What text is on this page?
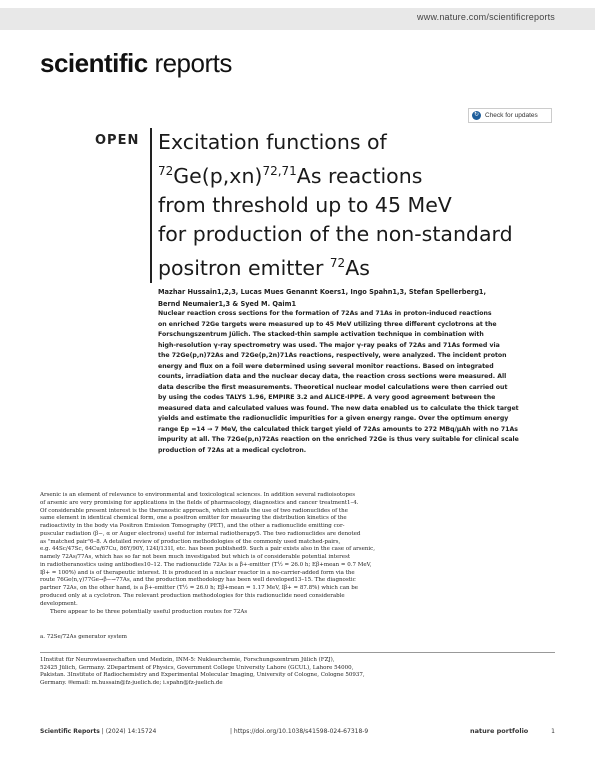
www.nature.com/scientificreports
scientific reports
↻ Check for updates
OPEN Excitation functions of
$^{72}Ge(p,xn)^{72,71}As$ reactions
from threshold up to 45 MeV
for production of the non-standard
positron emitter $^{72}$As
Mazhar Hussain1,2,3, Lucas Mues Genannt Koers1, Ingo Spahn1,3, Stefan Spellerberg1,
Bernd Neumaier1,3 & Syed M. Qaim1
Nuclear reaction cross sections for the formation of 72As and 71As in proton-induced reactions
on enriched 72Ge targets were measured up to 45 MeV utilizing three different cyclotrons at the
Forschungszentrum Jülich. The stacked-thin sample activation technique in combination with
high-resolution γ-ray spectrometry was used. The major γ-ray peaks of 72As and 71As formed via
the 72Ge(p,n)72As and 72Ge(p,2n)71As reactions, respectively, were analyzed. The incident proton
energy and flux on a foil were determined using several monitor reactions. Based on integrated
counts, irradiation data and the nuclear decay data, the reaction cross sections were measured. All
data describe the first measurements. Theoretical nuclear model calculations were then carried out
by using the codes TALYS 1.96, EMPIRE 3.2 and ALICE-IPPE. A very good agreement between the
measured data and calculated values was found. The new data enabled us to calculate the thick target
yields and estimate the radionuclidic impurities for a given energy range. Over the optimum energy
range Ep =14 → 7 MeV, the calculated thick target yield of 72As amounts to 272 MBq/µAh with no 71As
impurity at all. The 72Ge(p,n)72As reaction on the enriched 72Ge is thus very suitable for clinical scale
production of 72As at a medical cyclotron.
Arsenic is an element of relevance to environmental and toxicological sciences. In addition several radioisotopes
of arsenic are very promising for applications in the fields of pharmacology, diagnostics and cancer treatment1–4.
Of considerable present interest is the theranostic approach, which entails the use of two radionuclides of the
same element in identical chemical form, one a positron emitter for measuring the distribution kinetics of the
radioactivity in the body via Positron Emission Tomography (PET), and the other a radionuclide emitting cor-
puscular radiation (β−, α or Auger electrons) useful for internal radiotherapy5. The two radionuclides are denoted
as "matched pair"6–8. A detailed review of production methodologies of the commonly used matched-pairs,
e.g. 44Sc/47Sc, 64Cu/67Cu, 86Y/90Y, 124I/131I, etc. has been published9. Such a pair exists also in the case of arsenic,
namely 72As/77As, which has so far not been much investigated but which is of considerable potential interest
in radiotheranostics using antibodies10–12. The radionuclide 72As is a β+-emitter (T½ = 26.0 h; Eβ+mean = 0.7 MeV,
Iβ+ = 100%) and is of therapeutic interest. It is produced in a nuclear reactor in a no-carrier-added form via the
route 76Ge(n,γ)77Ge→β−→77As, and the production methodology has been well developed13–15. The diagnostic
partner 72As, on the other hand, is a β+-emitter (T½ = 26.0 h; Eβ+mean = 1.17 MeV, Iβ+ = 87.8%) which can be
produced only at a cyclotron. The relevant production methodologies for this radionuclide need considerable
development.

There appear to be three potentially useful production routes for 72As

a. 72Se/72As generator system
1Institut für Neurowissenschaften und Medizin, INM-5: Nuklearchemie, Forschungszentrum Jülich (FZJ),
52425 Jülich, Germany. 2Department of Physics, Government College University Lahore (GCUL), Lahore 54000,
Pakistan. 3Institute of Radiochemistry and Experimental Molecular Imaging, University of Cologne, Cologne 50937,
Germany. ✉email: m.hussain@fz-juelich.de; i.spahn@fz-juelich.de
Scientific Reports | (2024) 14:15724	| https://doi.org/10.1038/s41598-024-67318-9	nature portfolio	1
